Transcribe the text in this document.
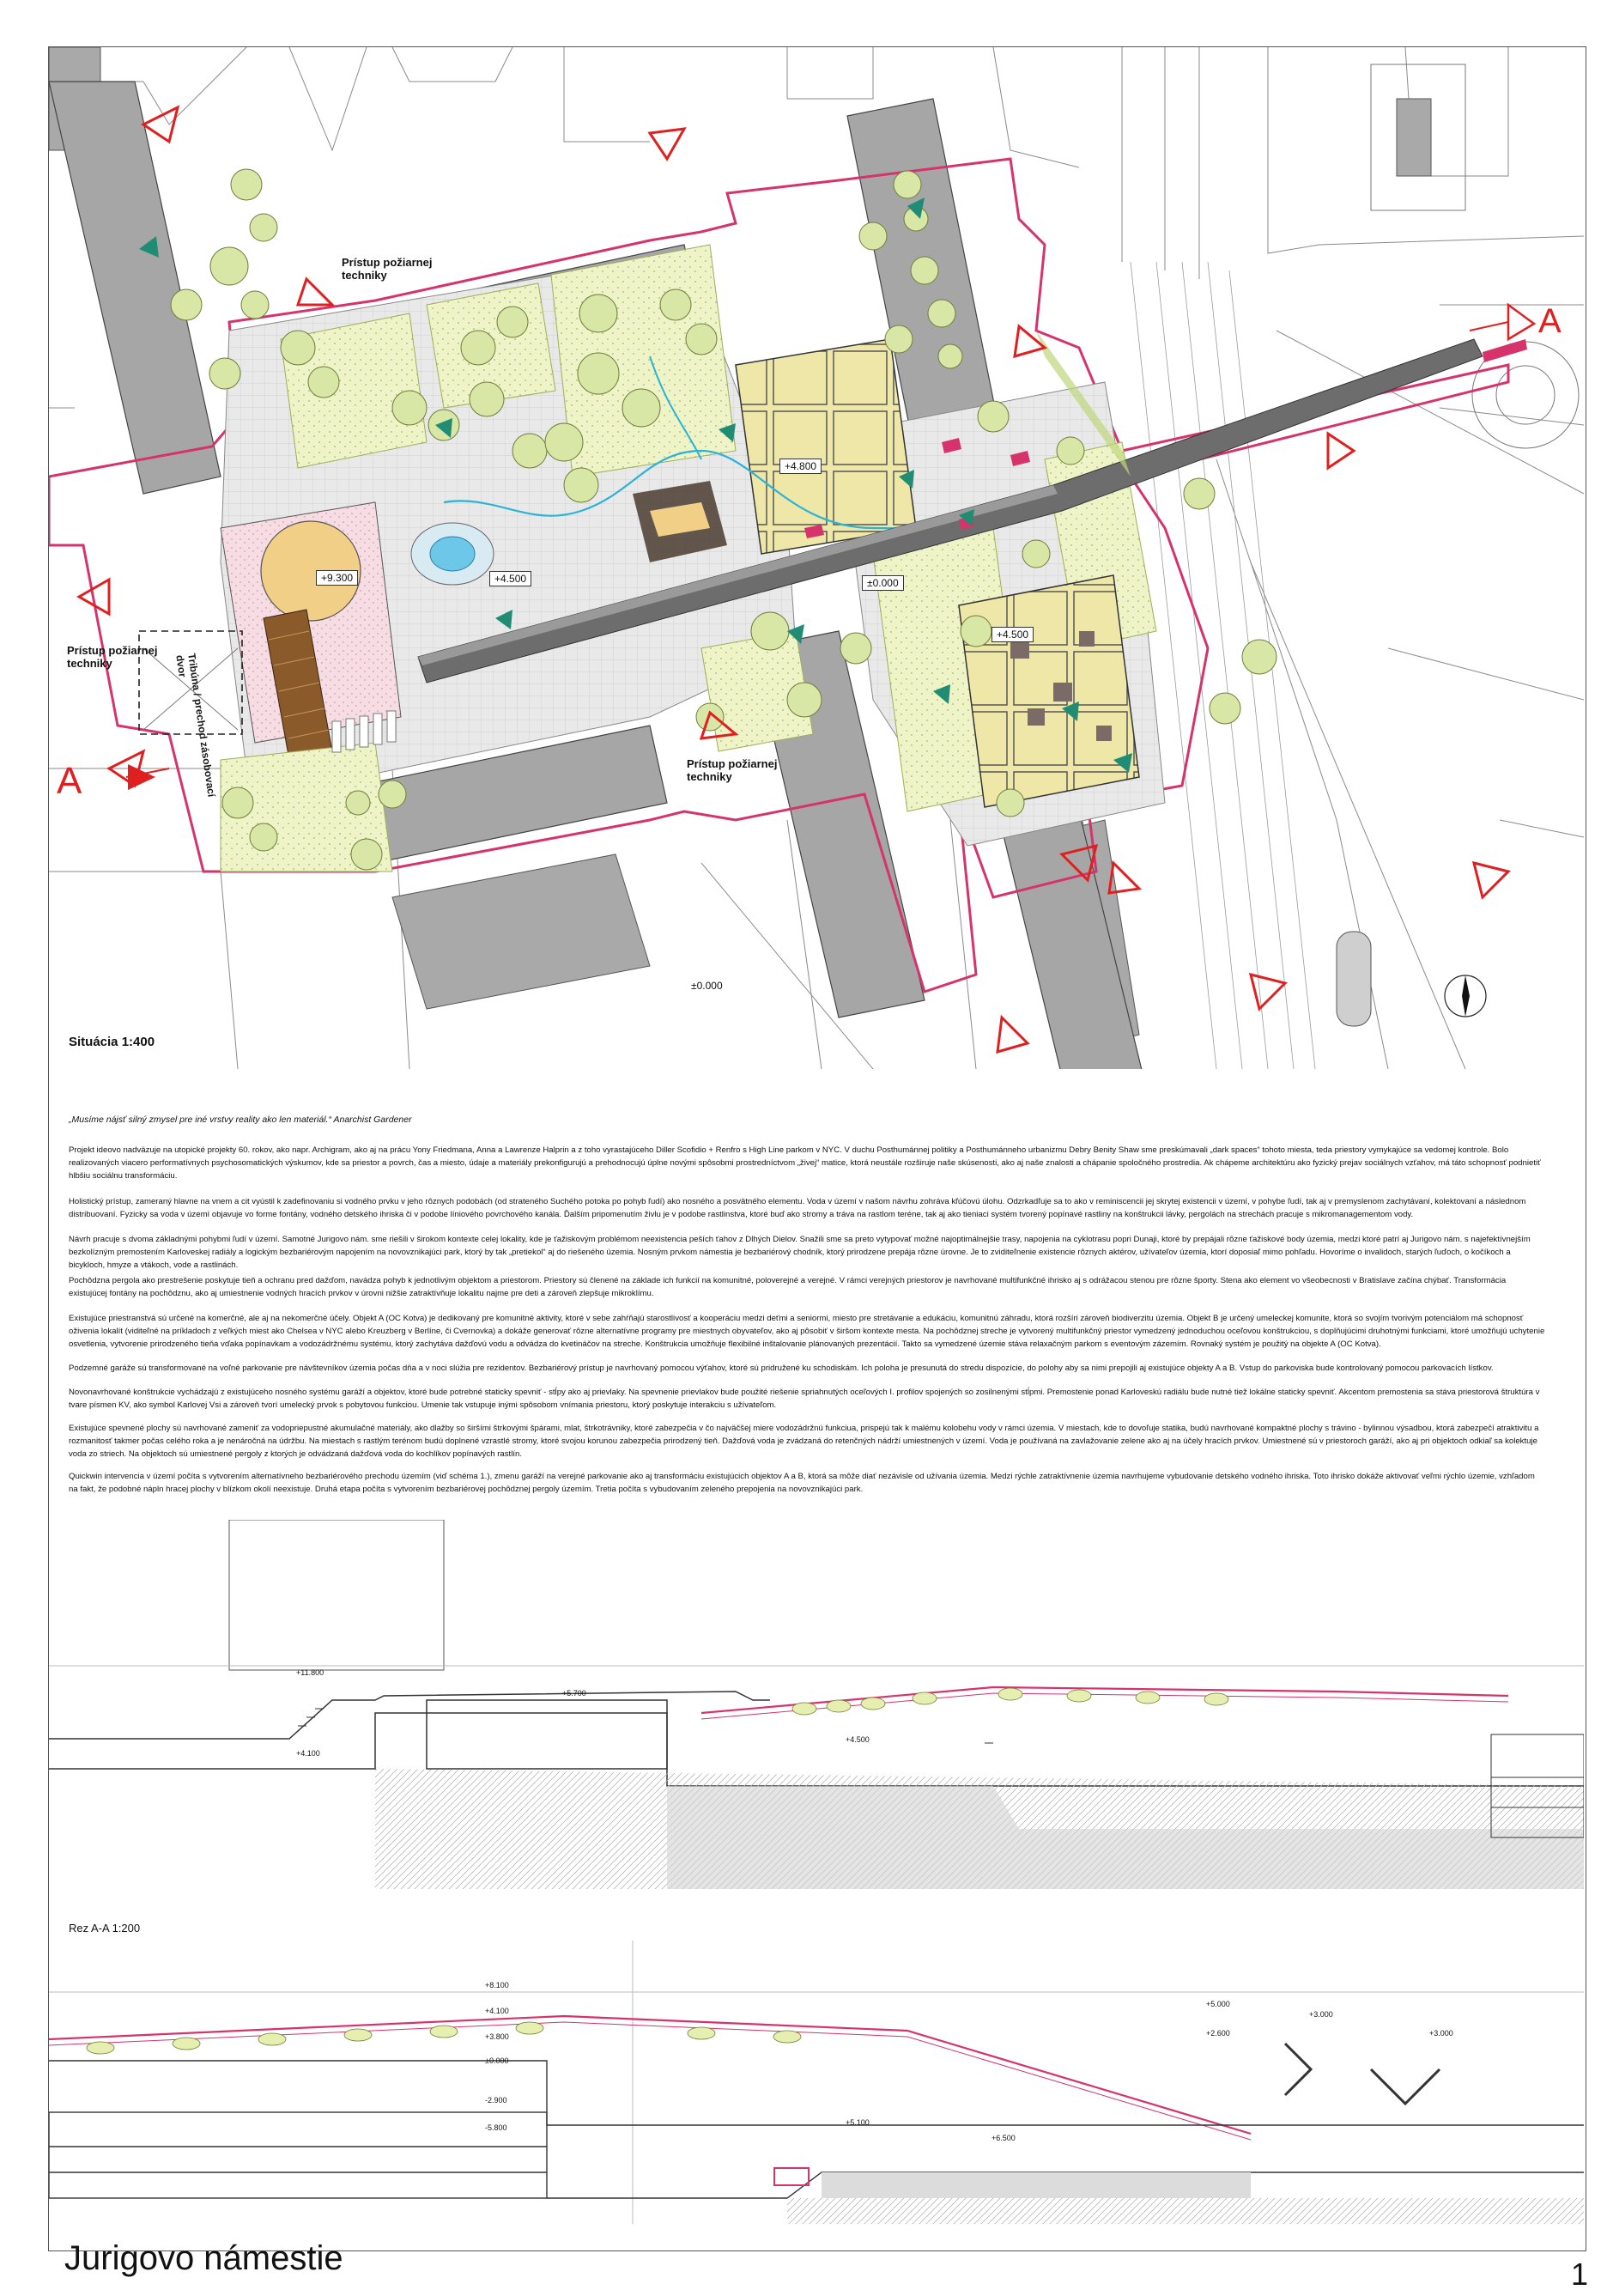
Prístup požiarnej techniky
Prístup požiarnej techniky
Prístup požiarnej techniky
Tribúna / prechod zásobovací dvor
A
A
+9.300	+4.500
+4.800
±0.000
+4.500
±0.000
Situácia 1:400
„Musíme nájsť silný zmysel pre iné vrstvy reality ako len materiál.“ Anarchist Gardener

Projekt ideovo nadväzuje na utopické projekty 60. rokov, ako napr. Archigram, ako aj na prácu Yony Friedmana, Anna a Lawrenze Halprin a z toho vyrastajúceho Diller Scofidio + Renfro s High Line parkom v NYC. V duchu Posthumánnej politiky a Posthumánneho urbanizmu Debry Benity Shaw sme preskúmavali „dark spaces“ tohoto miesta, teda priestory vymykajúce sa vedomej kontrole. Bolo realizovaných viacero performatívnych psychosomatických výskumov, kde sa priestor a povrch, čas a miesto, údaje a materiály prekonfigurujú a prehodnocujú úplne novými spôsobmi prostredníctvom „živej“ matice, ktorá neustále rozširuje naše skúsenosti, ako aj naše znalosti a chápanie spoločného prostredia. Ak chápeme architektúru ako fyzický prejav sociálnych vzťahov, má táto schopnosť podnietiť hlbšiu sociálnu transformáciu.

Holistický prístup, zameraný hlavne na vnem a cit vyústil k zadefinovaniu si vodného prvku v jeho rôznych podobách (od strateného Suchého potoka po pohyb ľudí) ako nosného a posvätného elementu. Voda v území v našom návrhu zohráva kľúčovú úlohu. Odzrkadľuje sa to ako v reminiscencii jej skrytej existencii v území, v pohybe ľudí, tak aj v premyslenom zachytávaní, kolektovaní a následnom distribuovaní. Fyzicky sa voda v území objavuje vo forme fontány, vodného detského ihriska či v podobe líniového povrchového kanála. Ďalším pripomenutím živlu je v podobe rastlinstva, ktoré buď ako stromy a tráva na rastlom teréne, tak aj ako tieniaci systém tvorený popínavé rastliny na konštrukcii lávky, pergolách na strechách pracuje s mikromanagementom vody.

Návrh pracuje s dvoma základnými pohybmi ľudí v území. Samotné Jurigovo nám. sme riešili v širokom kontexte celej lokality, kde je ťažiskovým problémom neexistencia peších ťahov z Dlhých Dielov. Snažili sme sa preto vytypovať možné najoptimálnejšie trasy, napojenia na cyklotrasu popri Dunaji, ktoré by prepájali rôzne ťažiskové body územia, medzi ktoré patrí aj Jurigovo nám. s najefektívnejším bezkolízným premostením Karloveskej radiály a logickým bezbariérovým napojením na novovznikajúci park, ktorý by tak „pretiekol“ aj do riešeného územia. Nosným prvkom námestia je bezbariérový chodník, ktorý prirodzene prepája rôzne úrovne. Je to zviditeľnenie existencie rôznych aktérov, užívateľov územia, ktorí doposiaľ mimo pohľadu. Hovoríme o invalidoch, starých ľuďoch, o kočíkoch a bicykloch, hmyze a vtákoch, vode a rastlinách.

Pochôdzna pergola ako prestrešenie poskytuje tieň a ochranu pred dažďom, navádza pohyb k jednotlivým objektom a priestorom. Priestory sú členené na základe ich funkcií na komunitné, poloverejné a verejné. V rámci verejných priestorov je navrhované multifunkčné ihrisko aj s odrážacou stenou pre rôzne športy. Stena ako element vo všeobecnosti v Bratislave začína chýbať. Transformácia existujúcej fontány na pochôdznu, ako aj umiestnenie vodných hracích prvkov v úrovni nižšie zatraktívňuje lokalitu najme pre deti a zároveň zlepšuje mikroklímu.

Existujúce priestranstvá sú určené na komerčné, ale aj na nekomerčné účely. Objekt A (OC Kotva) je dedikovaný pre komunitné aktivity, ktoré v sebe zahŕňajú starostlivosť a kooperáciu medzi deťmi a seniormi, miesto pre stretávanie a edukáciu, komunitnú záhradu, ktorá rozšíri zároveň biodiverzitu územia. Objekt B je určený umeleckej komunite, ktorá so svojím tvorivým potenciálom má schopnosť oživenia lokalít (viditeľné na príkladoch z veľkých miest ako Chelsea v NYC alebo Kreuzberg v Berlíne, či Cvernovka) a dokáže generovať rôzne alternatívne programy pre miestnych obyvateľov, ako aj pôsobiť v širšom kontexte mesta. Na pochôdznej streche je vytvorený multifunkčný priestor vymedzený jednoduchou oceľovou konštrukciou, s doplňujúcimi druhotnými funkciami, ktoré umožňujú uchytenie osvetlenia, vytvorenie prirodzeného tieňa vďaka popínavkam a vodozádržnému systému, ktorý zachytáva dažďovú vodu a odvádza do kvetináčov na streche. Konštrukcia umožňuje flexibilné inštalovanie plánovaných prezentácií. Takto sa vymedzené územie stáva relaxačným parkom s eventovým zázemím. Rovnaký systém je použitý na objekte A (OC Kotva).

Podzemné garáže sú transformované na voľné parkovanie pre návštevníkov územia počas dňa a v noci slúžia pre rezidentov. Bezbariérový prístup je navrhovaný pomocou výťahov, ktoré sú pridružené ku schodiskám. Ich poloha je presunutá do stredu dispozície, do polohy aby sa nimi prepojili aj existujúce objekty A a B. Vstup do parkoviska bude kontrolovaný pomocou parkovacích lístkov.

Novonavrhované konštrukcie vychádzajú z existujúceho nosného systému garáží a objektov, ktoré bude potrebné staticky spevniť - stĺpy ako aj prievlaky. Na spevnenie prievlakov bude použité riešenie spriahnutých oceľových I. profilov spojených so zosilnenými stĺpmi. Premostenie ponad Karloveskú radiálu bude nutné tiež lokálne staticky spevniť. Akcentom premostenia sa stáva priestorová štruktúra v tvare písmen KV, ako symbol Karlovej Vsi a zároveň tvorí umelecký prvok s pobytovou funkciou. Umenie tak vstupuje inými spôsobom vnímania priestoru, ktorý poskytuje interakciu s užívateľom.

Existujúce spevnené plochy sú navrhované zameniť za vodopriepustné akumulačné materiály, ako dlažby so širšími štrkovými špárami, mlat, štrkotrávniky, ktoré zabezpečia v čo najväčšej miere vodozádržnú funkciua, prispejú tak k malému kolobehu vody v rámci územia. V miestach, kde to dovoľuje statika, budú navrhované kompaktné plochy s trávino - bylinnou výsadbou, ktorá zabezpečí atraktivitu a rozmanitosť takmer počas celého roka a je nenáročná na údržbu. Na miestach s rastlým terénom budú doplnené vzrastlé stromy, ktoré svojou korunou zabezpečia prirodzený tieň. Dažďová voda je zvádzaná do retenčných nádrží umiestnených v území. Voda je používaná na zavlažovanie zelene ako aj na účely hracích prvkov. Umiestnené sú v priestoroch garáží, ako aj pri objektoch odkiaľ sa kolektuje voda zo striech. Na objektoch sú umiestnené pergoly z ktorých je odvádzaná dažďová voda do kochlíkov popínavých rastlín.

Quickwin intervencia v území počíta s vytvorením alternatívneho bezbariérového prechodu územím (viď schéma 1.), zmenu garáží na verejné parkovanie ako aj transformáciu existujúcich objektov A a B, ktorá sa môže diať nezávisle od užívania územia. Medzi rýchle zatraktívnenie územia navrhujeme vybudovanie detského vodného ihriska. Toto ihrisko dokáže aktivovať veľmi rýchlo územie, vzhľadom na fakt, že podobné nápln hracej plochy v blízkom okolí neexistuje. Druhá etapa počíta s vytvorením bezbariérovej pochôdznej pergoly územím. Tretia počíta s vybudovaním zeleného prepojenia na novovznikajúci park.

+11.800
+5.700
+4.100
+4.500
Rez A-A 1:200
+8.100
+4.100
+3.800
±0.000
-2.900
-5.800
+5.100
+6.500
+5.000
+2.600
+3.000
+3.000
Jurigovo námestie	1
